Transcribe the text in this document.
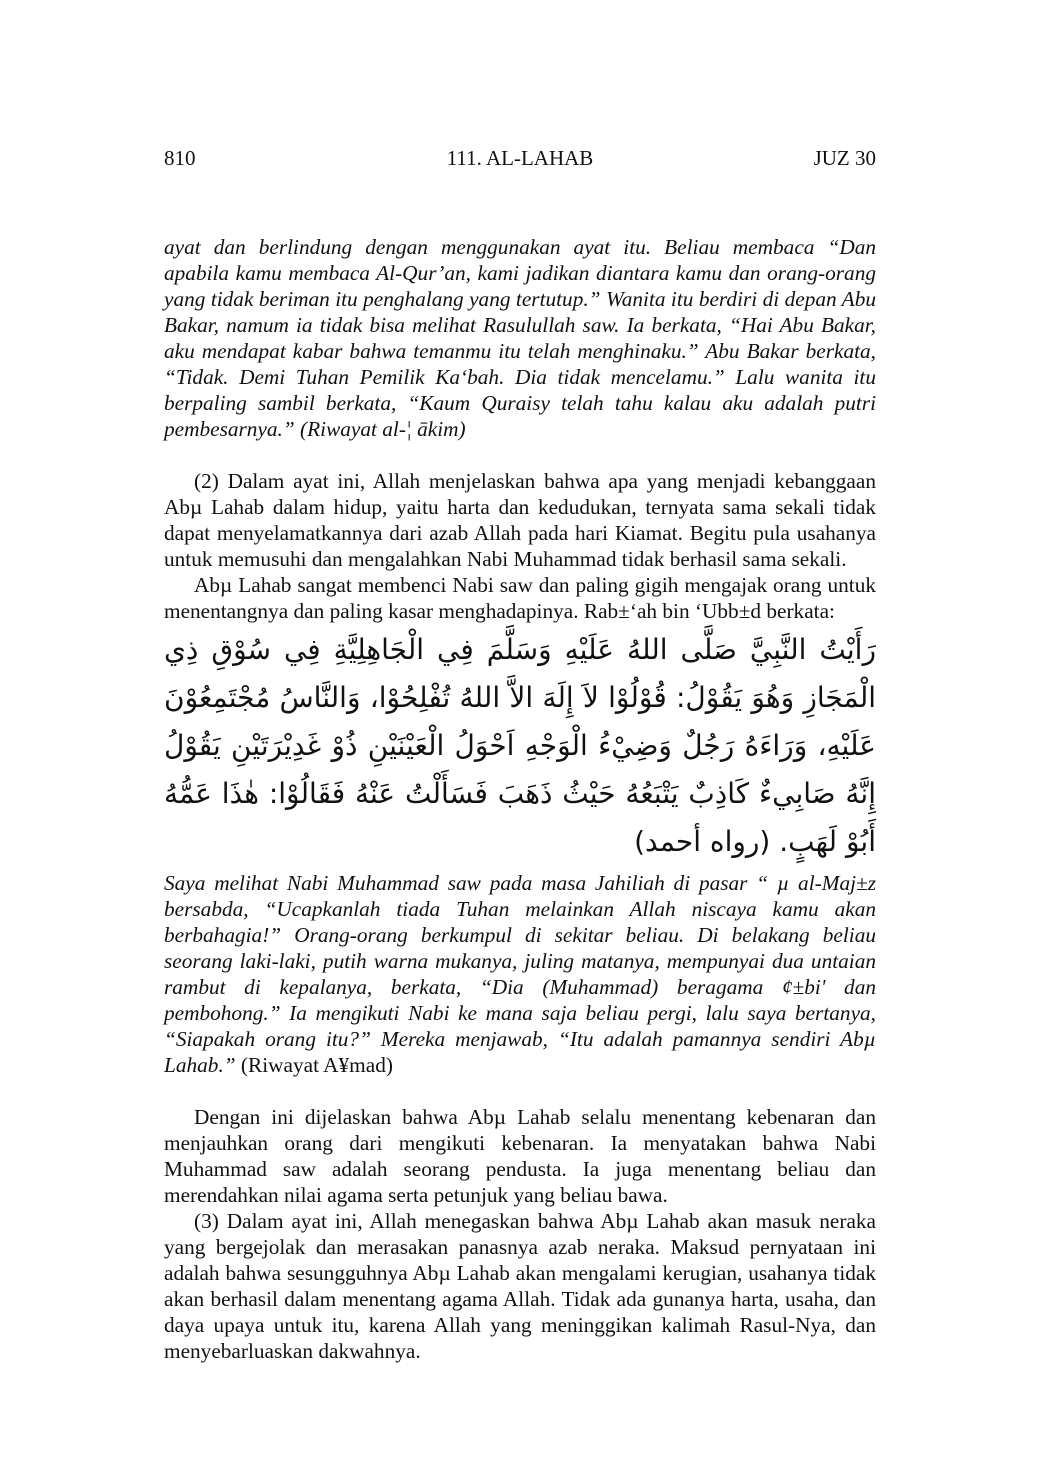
810	111. AL-LAHAB	JUZ 30

ayat dan berlindung dengan menggunakan ayat itu. Beliau membaca “Dan apabila kamu membaca Al-Qur’an, kami jadikan diantara kamu dan orang-orang yang tidak beriman itu penghalang yang tertutup.” Wanita itu berdiri di depan Abu Bakar, namum ia tidak bisa melihat Rasulullah saw. Ia berkata, “Hai Abu Bakar, aku mendapat kabar bahwa temanmu itu telah menghinaku.” Abu Bakar berkata, “Tidak. Demi Tuhan Pemilik Ka‘bah. Dia tidak mencelamu.” Lalu wanita itu berpaling sambil berkata, “Kaum Quraisy telah tahu kalau aku adalah putri pembesarnya.” (Riwayat al-¦ ākim)

(2) Dalam ayat ini, Allah menjelaskan bahwa apa yang menjadi kebanggaan Abµ Lahab dalam hidup, yaitu harta dan kedudukan, ternyata sama sekali tidak dapat menyelamatkannya dari azab Allah pada hari Kiamat. Begitu pula usahanya untuk memusuhi dan mengalahkan Nabi Muhammad tidak berhasil sama sekali.

Abµ Lahab sangat membenci Nabi saw dan paling gigih mengajak orang untuk menentangnya dan paling kasar menghadapinya. Rab±‘ah bin ‘Ubb±d berkata:

رَأَيْتُ النَّبِيَّ صَلَّى اللهُ عَلَيْهِ وَسَلَّمَ فِي الْجَاهِلِيَّةِ فِي سُوْقِ ذِي الْمَجَازِ وَهُوَ يَقُوْلُ: قُوْلُوْا لاَ إِلَهَ الاَّ اللهُ تُفْلِحُوْا، وَالنَّاسُ مُجْتَمِعُوْنَ عَلَيْهِ، وَرَاءَهُ رَجُلٌ وَضِيْءُ الْوَجْهِ اَحْوَلُ الْعَيْنَيْنِ ذُوْ غَدِيْرَتَيْنِ يَقُوْلُ إِنَّهُ صَابِيءٌ كَاذِبٌ يَتْبَعُهُ حَيْثُ ذَهَبَ فَسَأَلْتُ عَنْهُ فَقَالُوْا: هٰذَا عَمُّهُ أَبُوْ لَهَبٍ. (رواه أحمد)

Saya melihat Nabi Muhammad saw pada masa Jahiliah di pasar “ µ al-Maj±z bersabda, “Ucapkanlah tiada Tuhan melainkan Allah niscaya kamu akan berbahagia!” Orang-orang berkumpul di sekitar beliau. Di belakang beliau seorang laki-laki, putih warna mukanya, juling matanya, mempunyai dua untaian rambut di kepalanya, berkata, “Dia (Muhammad) beragama ¢±bi' dan pembohong.” Ia mengikuti Nabi ke mana saja beliau pergi, lalu saya bertanya, “Siapakah orang itu?” Mereka menjawab, “Itu adalah pamannya sendiri Abµ Lahab.” (Riwayat A¥mad)

Dengan ini dijelaskan bahwa Abµ Lahab selalu menentang kebenaran dan menjauhkan orang dari mengikuti kebenaran. Ia menyatakan bahwa Nabi Muhammad saw adalah seorang pendusta. Ia juga menentang beliau dan merendahkan nilai agama serta petunjuk yang beliau bawa.

(3) Dalam ayat ini, Allah menegaskan bahwa Abµ Lahab akan masuk neraka yang bergejolak dan merasakan panasnya azab neraka. Maksud pernyataan ini adalah bahwa sesungguhnya Abµ Lahab akan mengalami kerugian, usahanya tidak akan berhasil dalam menentang agama Allah. Tidak ada gunanya harta, usaha, dan daya upaya untuk itu, karena Allah yang meninggikan kalimah Rasul-Nya, dan menyebarluaskan dakwahnya.
